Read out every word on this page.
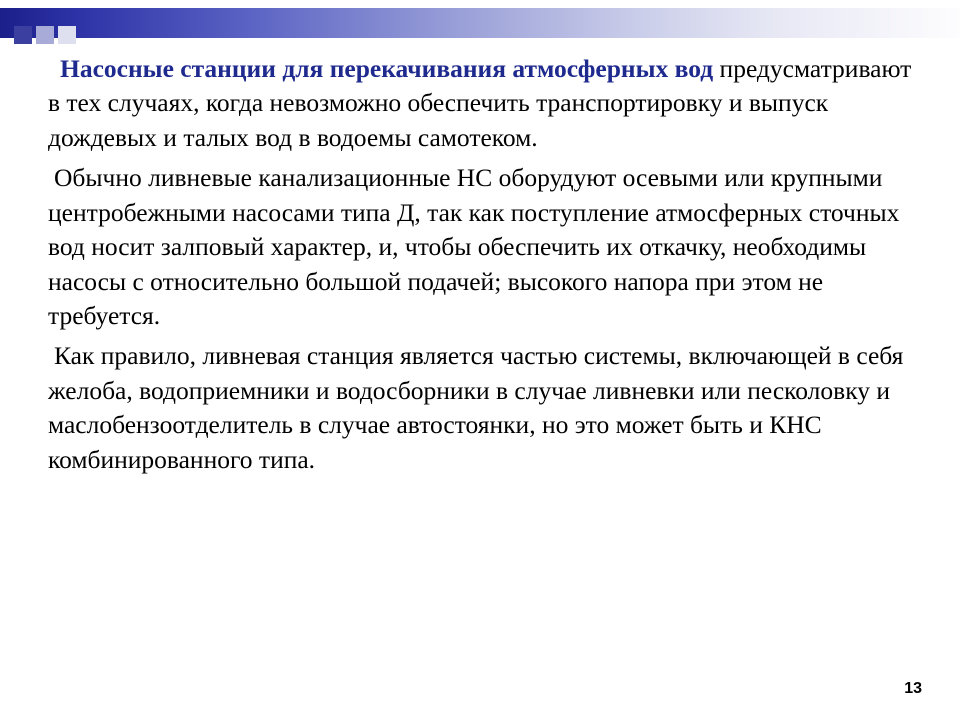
Насосные станции для перекачивания атмосферных вод предусматривают в тех случаях, когда невозможно обеспечить транспортировку и выпуск дождевых и талых вод в водоемы самотеком.

Обычно ливневые канализационные НС оборудуют осевыми или крупными центробежными насосами типа Д, так как поступление атмосферных сточных вод носит залповый характер, и, чтобы обеспечить их откачку, необходимы насосы с относительно большой подачей; высокого напора при этом не требуется.

Как правило, ливневая станция является частью системы, включающей в себя желоба, водоприемники и водосборники в случае ливневки или песколовку и маслобензоотделитель в случае автостоянки, но это может быть и КНС комбинированного типа.

13
